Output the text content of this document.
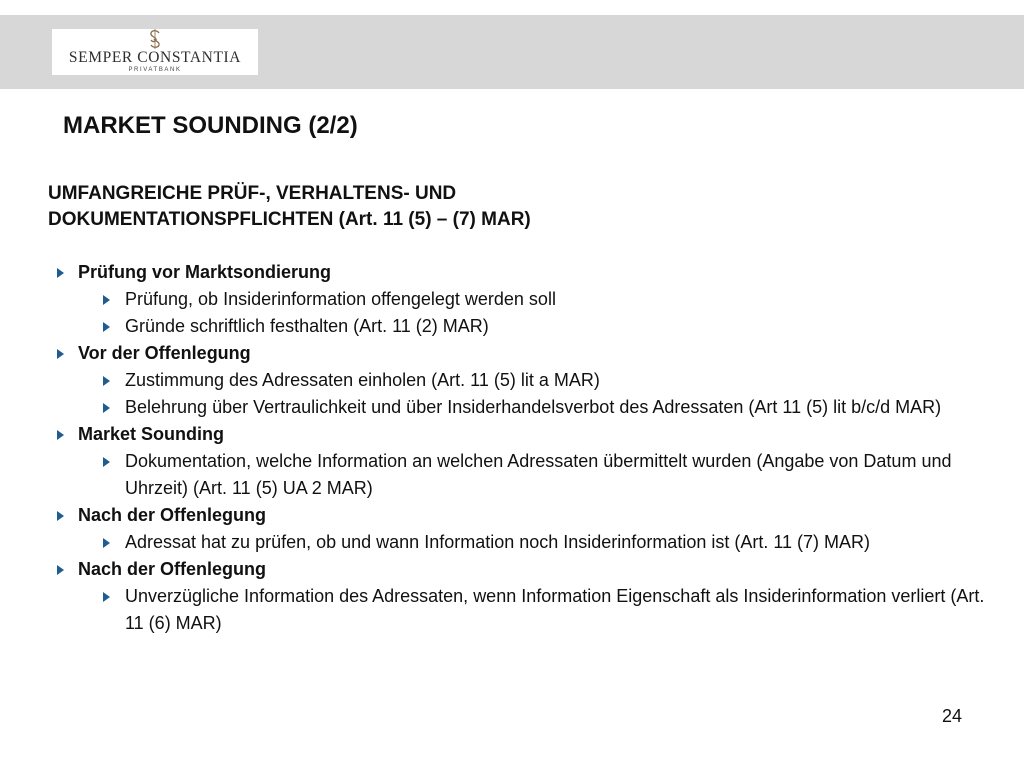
SEMPER CONSTANTIA
PRIVATBANK
MARKET SOUNDING (2/2)
UMFANGREICHE PRÜF-, VERHALTENS- UND
DOKUMENTATIONSPFLICHTEN (Art. 11 (5) – (7) MAR)
Prüfung vor Marktsondierung
Prüfung, ob Insiderinformation offengelegt werden soll
Gründe schriftlich festhalten (Art. 11 (2) MAR)
Vor der Offenlegung
Zustimmung des Adressaten einholen (Art. 11 (5) lit a MAR)
Belehrung über Vertraulichkeit und über Insiderhandelsverbot des Adressaten (Art 11 (5) lit b/c/d MAR)
Market Sounding
Dokumentation, welche Information an welchen Adressaten übermittelt wurden (Angabe von Datum und Uhrzeit) (Art. 11 (5) UA 2 MAR)
Nach der Offenlegung
Adressat hat zu prüfen, ob und wann Information noch Insiderinformation ist (Art. 11 (7) MAR)
Nach der Offenlegung
Unverzügliche Information des Adressaten, wenn Information Eigenschaft als Insiderinformation verliert (Art. 11 (6) MAR)
24
